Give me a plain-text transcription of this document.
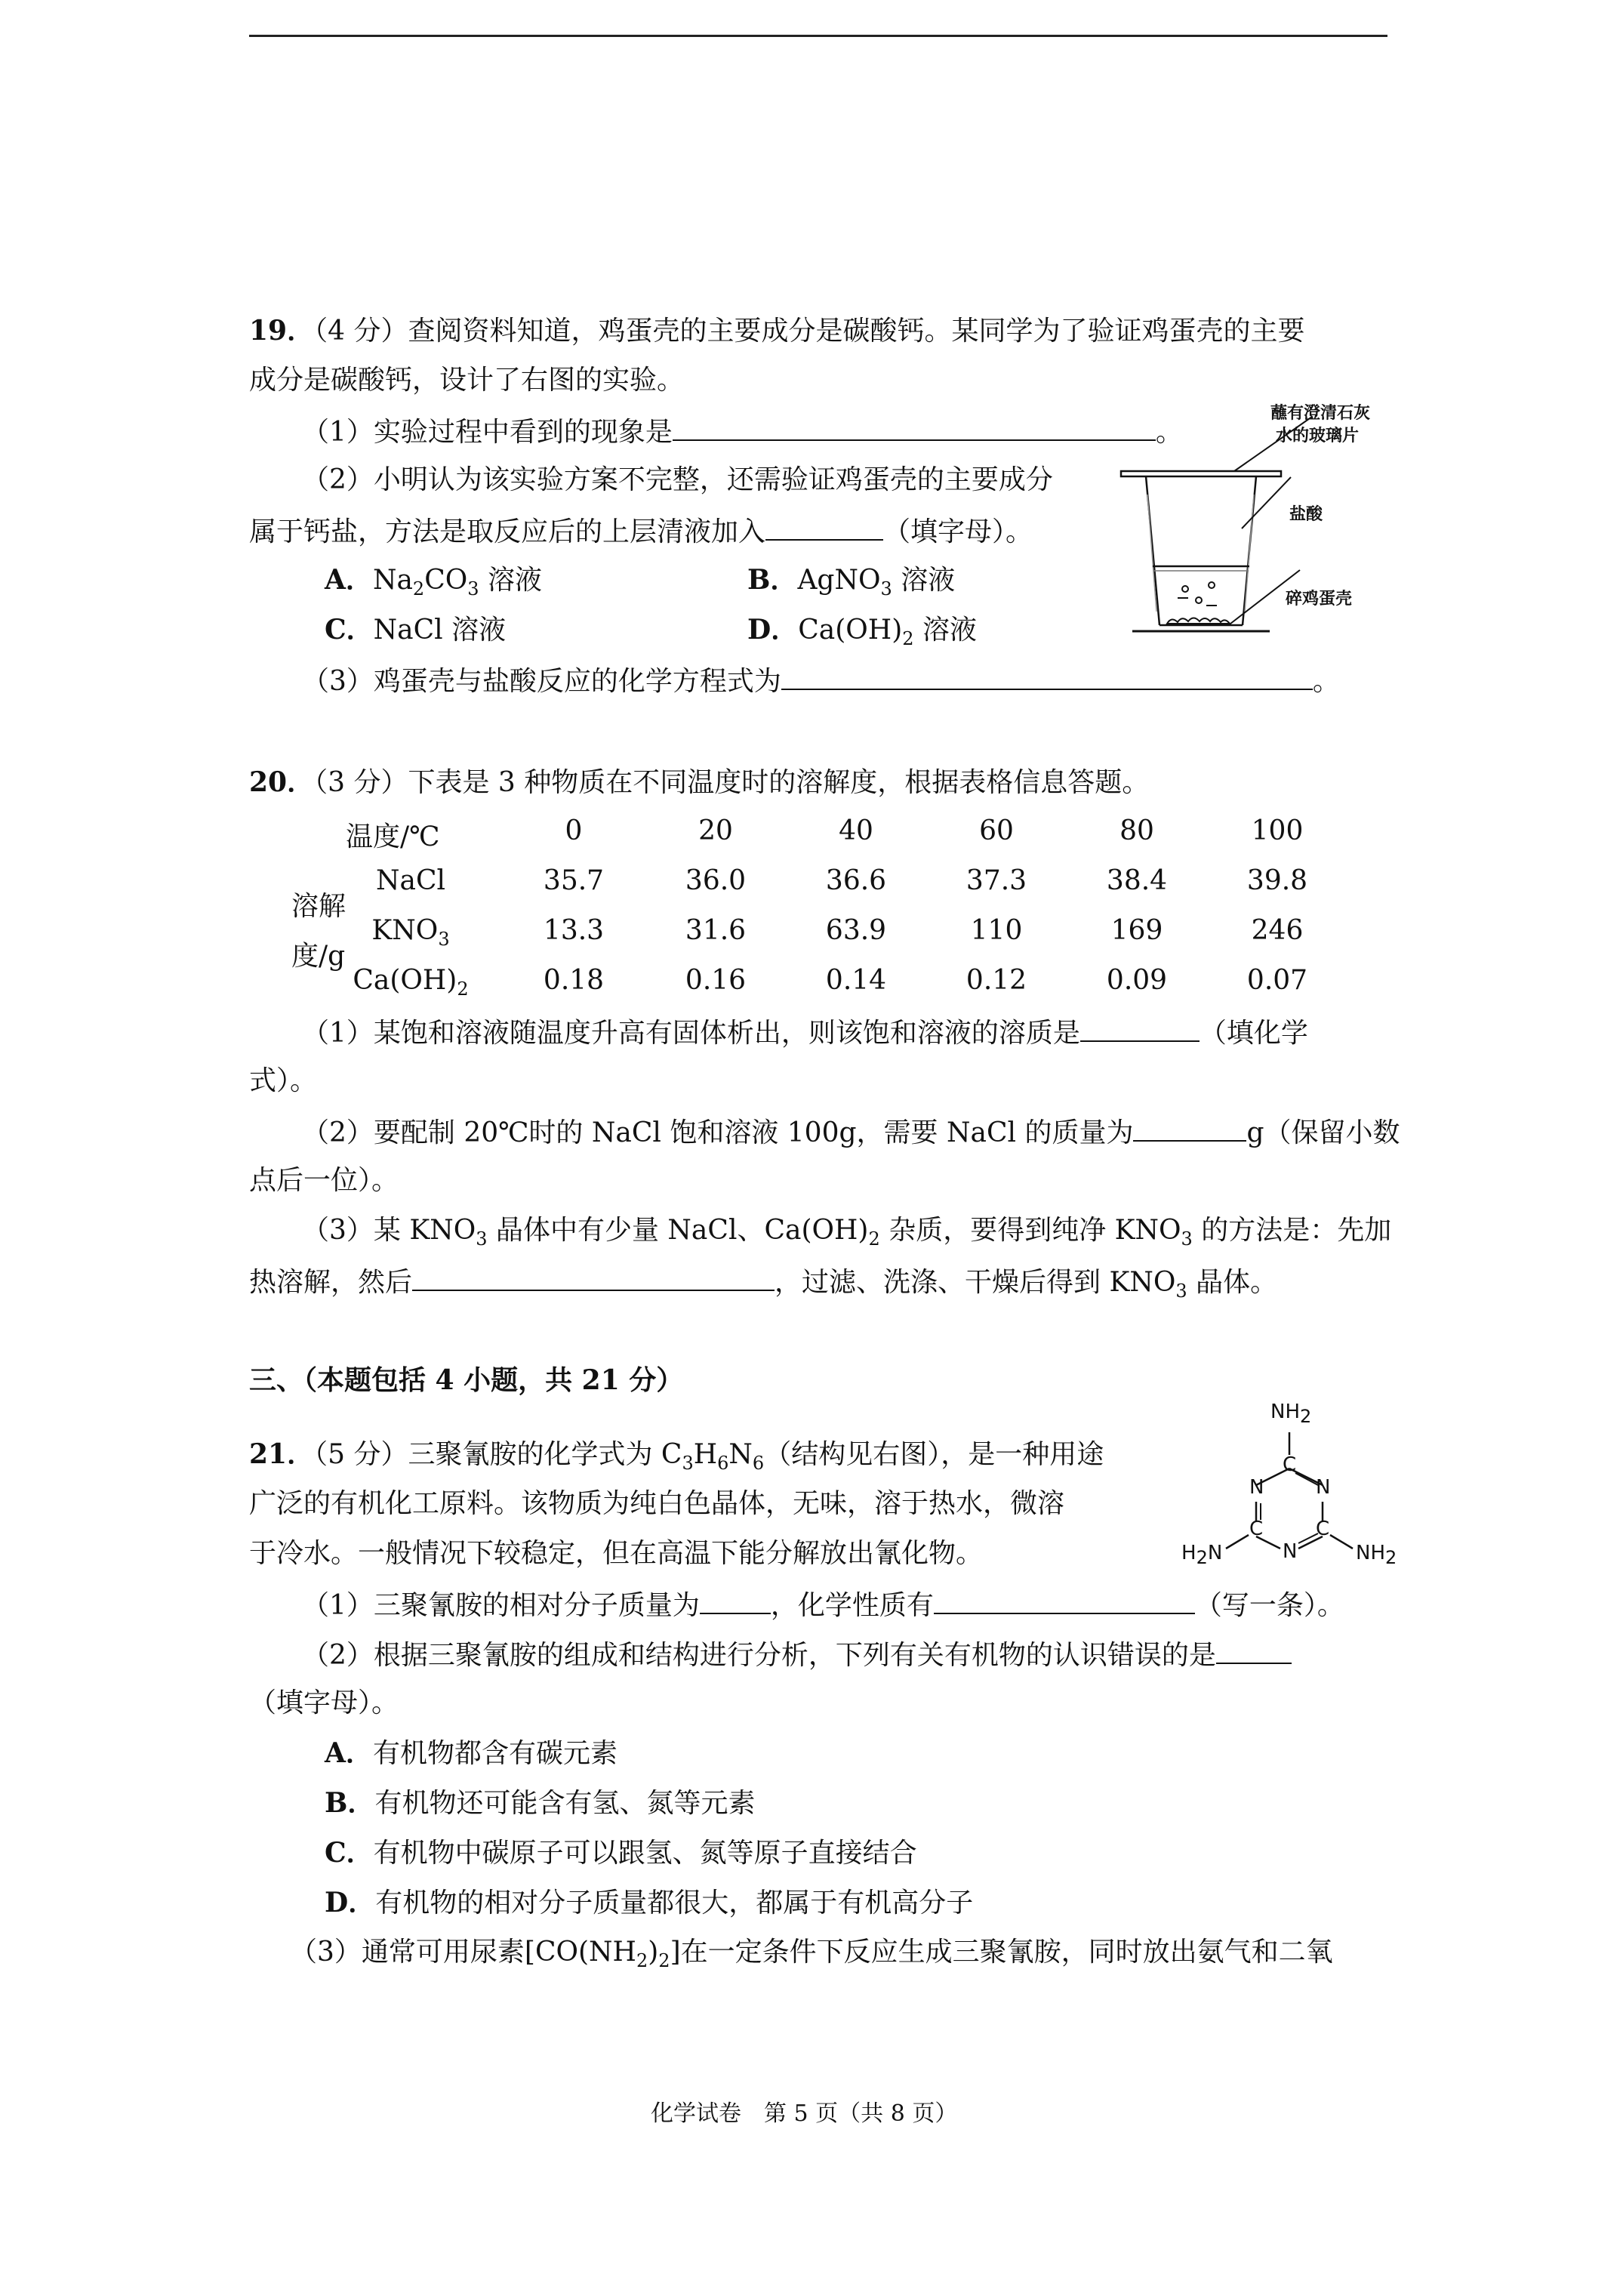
19．（4 分）查阅资料知道，鸡蛋壳的主要成分是碳酸钙。某同学为了验证鸡蛋壳的主要
成分是碳酸钙，设计了右图的实验。
（1）实验过程中看到的现象是	。
（2）小明认为该实验方案不完整，还需验证鸡蛋壳的主要成分
属于钙盐，方法是取反应后的上层清液加入	（填字母）。
A．$Na_2CO_3$ 溶液	B．AgNO$_3$ 溶液
C．NaCl 溶液	D．$Ca(OH)_2$ 溶液
（3）鸡蛋壳与盐酸反应的化学方程式为	。
蘸有澄清石灰
水的玻璃片
盐酸
碎鸡蛋壳
20．（3 分）下表是 3 种物质在不同温度时的溶解度，根据表格信息答题。
温度/℃	0	20	40	60	80	100
溶解
度/g
NaCl	35.7	36.0	36.6	37.3	38.4	39.8
$KNO_3$	13.3	31.6	63.9	110	169	246
$Ca(OH)_2$	0.18	0.16	0.14	0.12	0.09	0.07
（1）某饱和溶液随温度升高有固体析出，则该饱和溶液的溶质是	（填化学
式）。
（2）要配制 20℃时的 NaCl 饱和溶液 100g，需要 NaCl 的质量为	g（保留小数
点后一位）。
（3）某 $KNO_3$ 晶体中有少量 NaCl、$Ca(OH)_2$ 杂质，要得到纯净 $KNO_3$ 的方法是：先加
热溶解，然后	，过滤、洗涤、干燥后得到 $KNO_3$ 晶体。
三、（本题包括 4 小题，共 21 分）
21．（5 分）三聚氰胺的化学式为 $C_3H_6N_6$（结构见右图），是一种用途
广泛的有机化工原料。该物质为纯白色晶体，无味，溶于热水，微溶
于冷水。一般情况下较稳定，但在高温下能分解放出氰化物。
$NH_2$
C
N	N
C	C
N
$H_2N$	$NH_2$
（1）三聚氰胺的相对分子质量为	，化学性质有	（写一条）。
（2）根据三聚氰胺的组成和结构进行分析，下列有关有机物的认识错误的是
（填字母）。
A．有机物都含有碳元素
B．有机物还可能含有氢、氮等元素
C．有机物中碳原子可以跟氢、氮等原子直接结合
D．有机物的相对分子质量都很大，都属于有机高分子
（3）通常可用尿素$[CO(NH_2)_2]$在一定条件下反应生成三聚氰胺，同时放出氨气和二氧
化学试卷　第 5 页（共 8 页）
